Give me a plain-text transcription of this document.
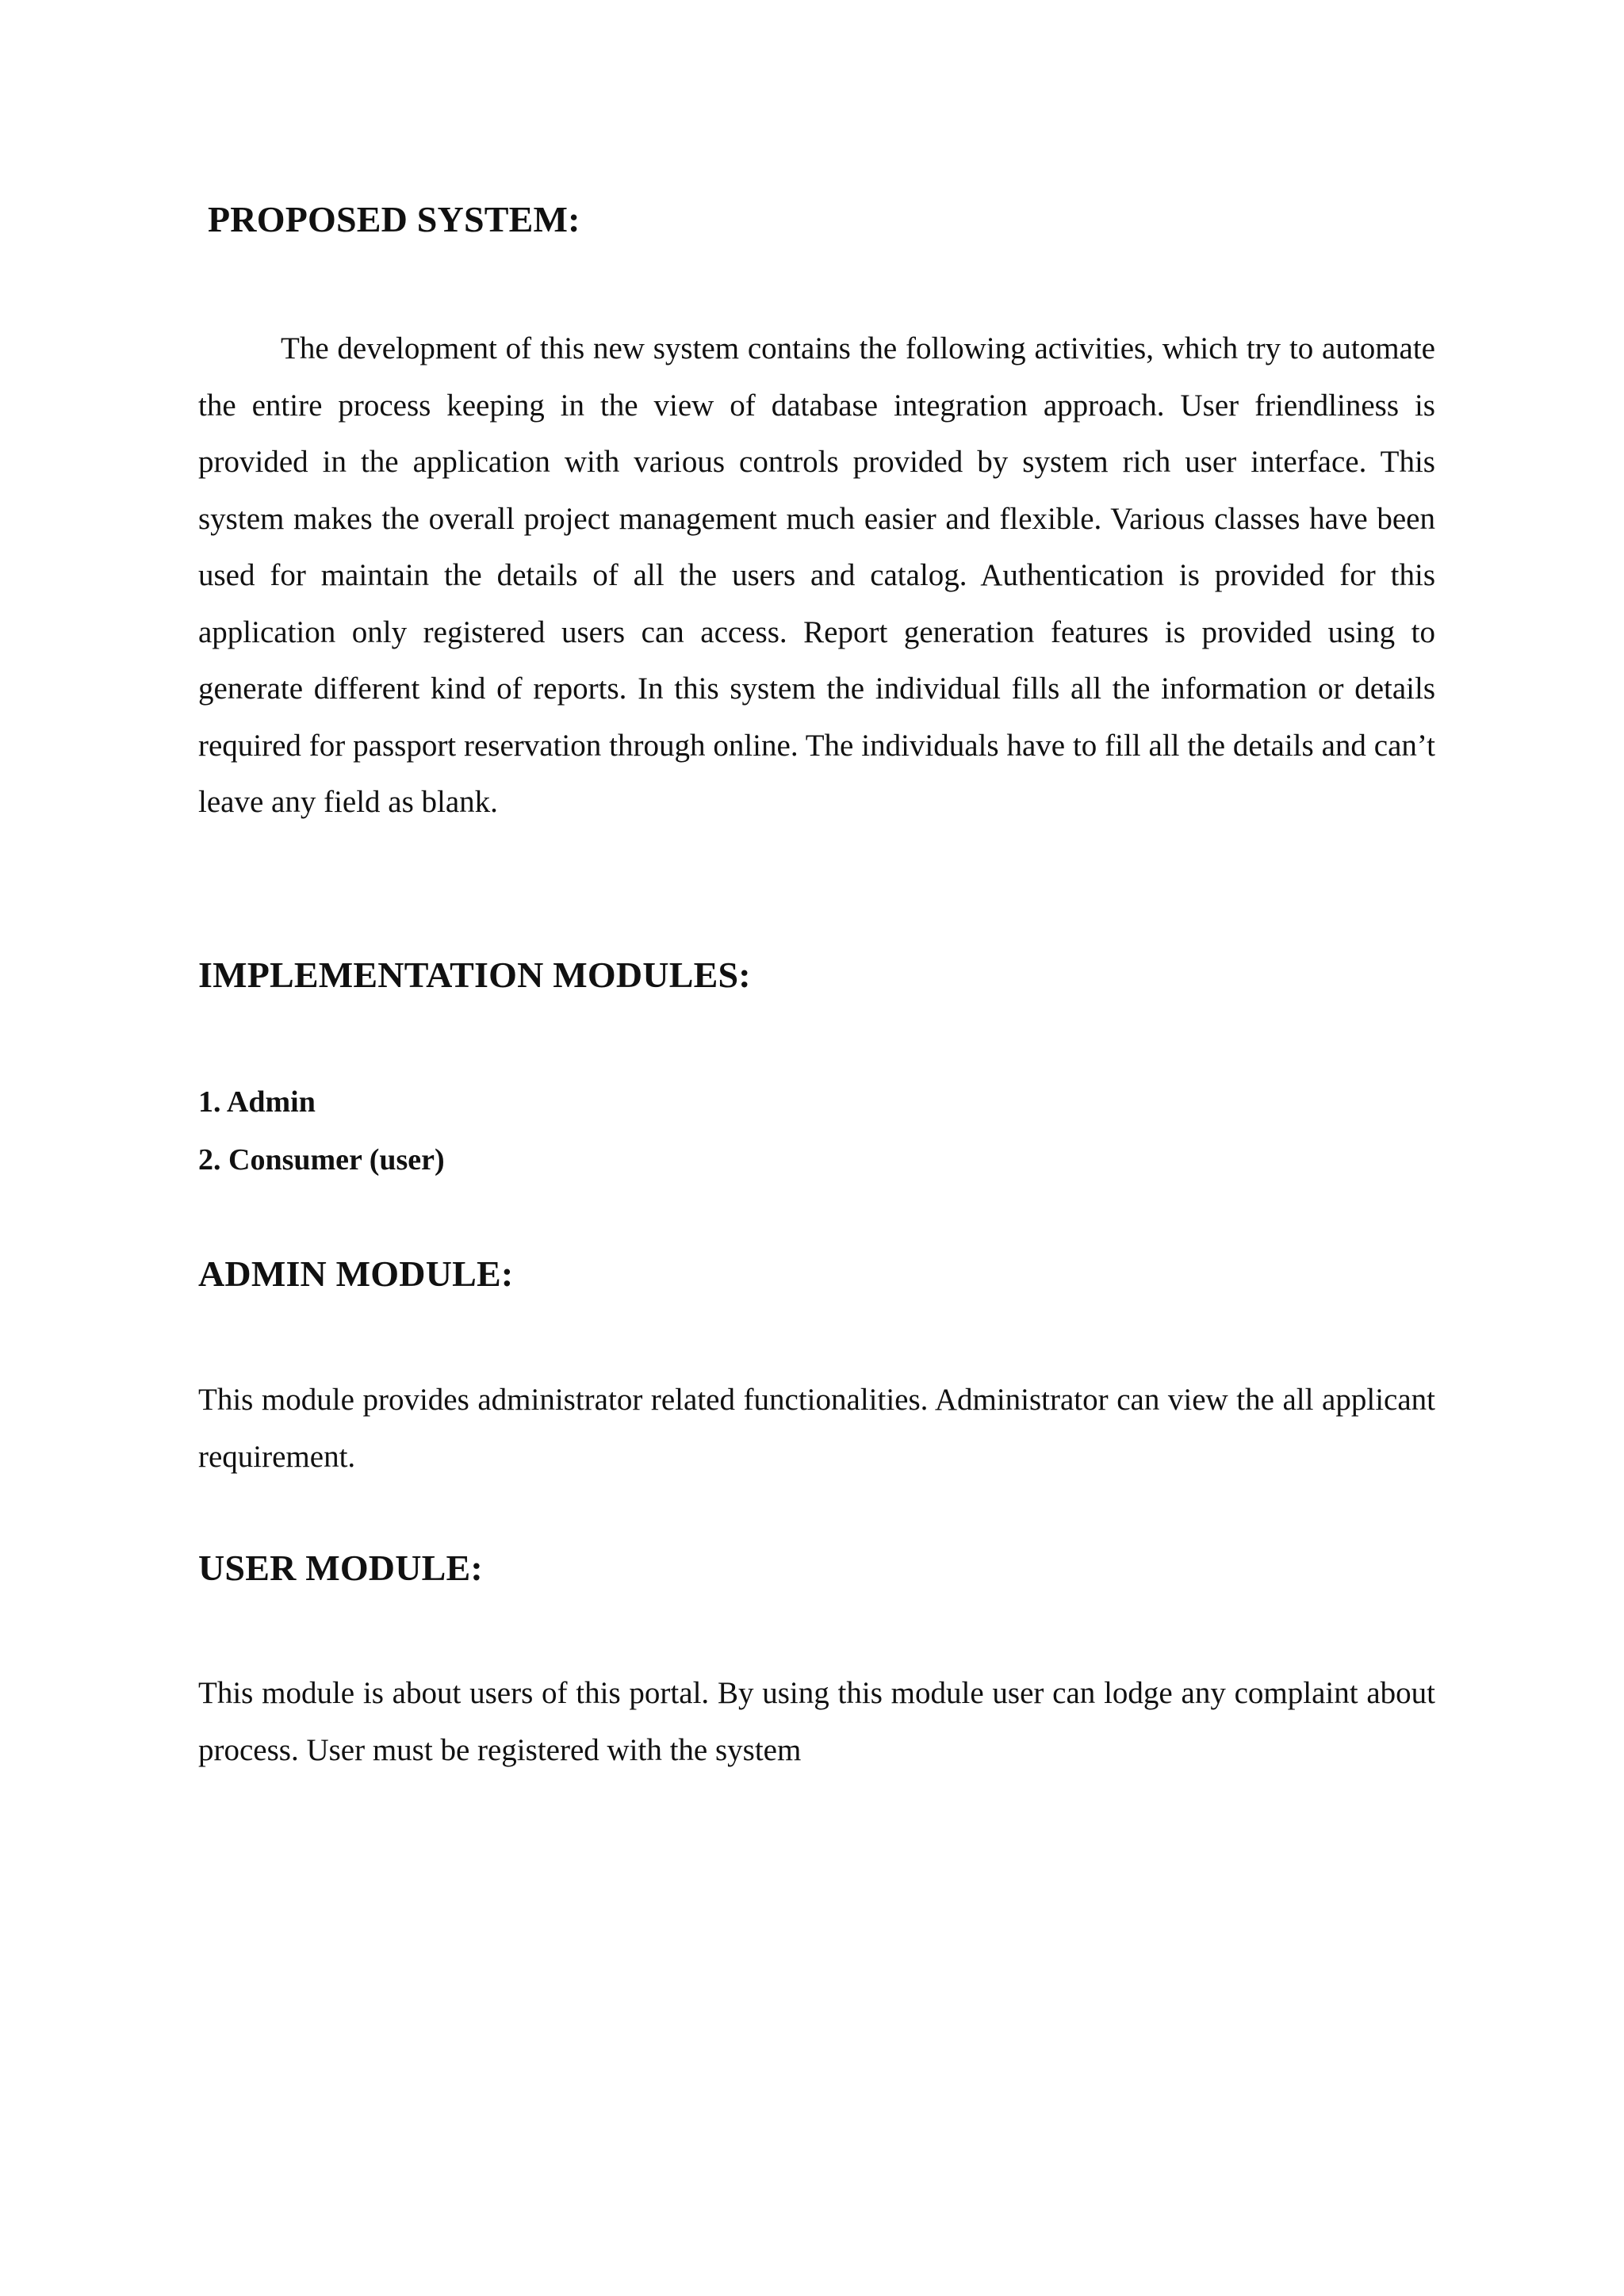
PROPOSED SYSTEM:

The development of this new system contains the following activities, which try to automate the entire process keeping in the view of database integration approach. User friendliness is provided in the application with various controls provided by system rich user interface. This system makes the overall project management much easier and flexible. Various classes have been used for maintain the details of all the users and catalog. Authentication is provided for this application only registered users can access. Report generation features is provided using to generate different kind of reports. In this system the individual fills all the information or details required for passport reservation through online. The individuals have to fill all the details and can’t leave any field as blank.

IMPLEMENTATION MODULES:
1. Admin
2. Consumer (user)
ADMIN MODULE:

This module provides administrator related functionalities. Administrator can view the all applicant requirement.

USER MODULE:

This module is about users of this portal. By using this module user can lodge any complaint about process. User must be registered with the system
